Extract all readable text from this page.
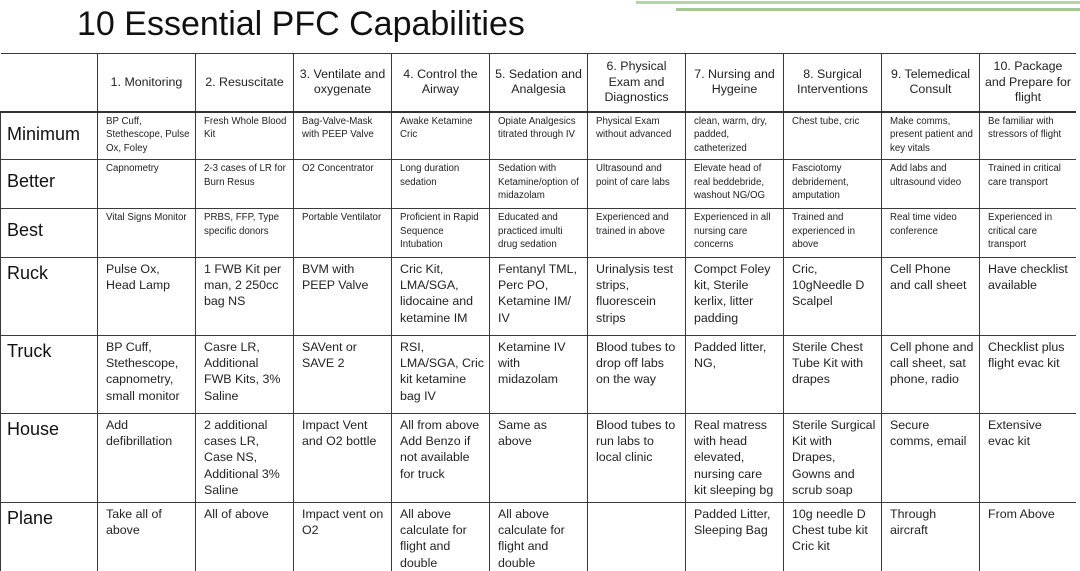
10 Essential PFC Capabilities
	1. Monitoring	2. Resuscitate	3. Ventilate and oxygenate	4. Control the Airway	5. Sedation and Analgesia	6. Physical Exam and Diagnostics	7. Nursing and Hygeine	8. Surgical Interventions	9. Telemedical Consult	10. Package and Prepare for flight
Minimum	BP Cuff, Stethescope, Pulse Ox, Foley	Fresh Whole Blood Kit	Bag-Valve-Mask with PEEP Valve	Awake Ketamine Cric	Opiate Analgesics titrated through IV	Physical Exam without advanced	clean, warm, dry, padded, catheterized	Chest tube, cric	Make comms, present patient and key vitals	Be familiar with stressors of flight
Better	Capnometry	2-3 cases of LR for Burn Resus	O2 Concentrator	Long duration sedation	Sedation with Ketamine/option of midazolam	Ultrasound and point of care labs	Elevate head of real beddebride, washout NG/OG	Fasciotomy debridement, amputation	Add labs and ultrasound video	Trained in critical care transport
Best	Vital Signs Monitor	PRBS, FFP, Type specific donors	Portable Ventilator	Proficient in Rapid Sequence Intubation	Educated and practiced imulti drug sedation	Experienced and trained in above	Experienced in all nursing care concerns	Trained and experienced in above	Real time video conference	Experienced in critical care transport
Ruck	Pulse Ox, Head Lamp	1 FWB Kit per man, 2 250cc bag NS	BVM with PEEP Valve	Cric Kit, LMA/SGA, lidocaine and ketamine IM	Fentanyl TML, Perc PO, Ketamine IM/ IV	Urinalysis test strips, fluorescein strips	Compct Foley kit, Sterile kerlix, litter padding	Cric, 10gNeedle D Scalpel	Cell Phone and call sheet	Have checklist available
Truck	BP Cuff, Stethescope, capnometry, small monitor	Casre LR, Additional FWB Kits, 3% Saline	SAVent or SAVE 2	RSI, LMA/SGA, Cric kit ketamine bag IV	Ketamine IV with midazolam	Blood tubes to drop off labs on the way	Padded litter, NG,	Sterile Chest Tube Kit with drapes	Cell phone and call sheet, sat phone, radio	Checklist plus flight evac kit
House	Add defibrillation	2 additional cases LR, Case NS, Additional 3% Saline	Impact Vent and O2 bottle	All from above Add Benzo if not available for truck	Same as above	Blood tubes to run labs to local clinic	Real matress with head elevated, nursing care kit sleeping bg	Sterile Surgical Kit with Drapes, Gowns and scrub soap	Secure comms, email	Extensive evac kit
Plane	Take all of above	All of above	Impact vent on O2	All above calculate for flight and double	All above calculate for flight and double		Padded Litter, Sleeping Bag	10g needle D Chest tube kit Cric kit	Through aircraft	From Above
